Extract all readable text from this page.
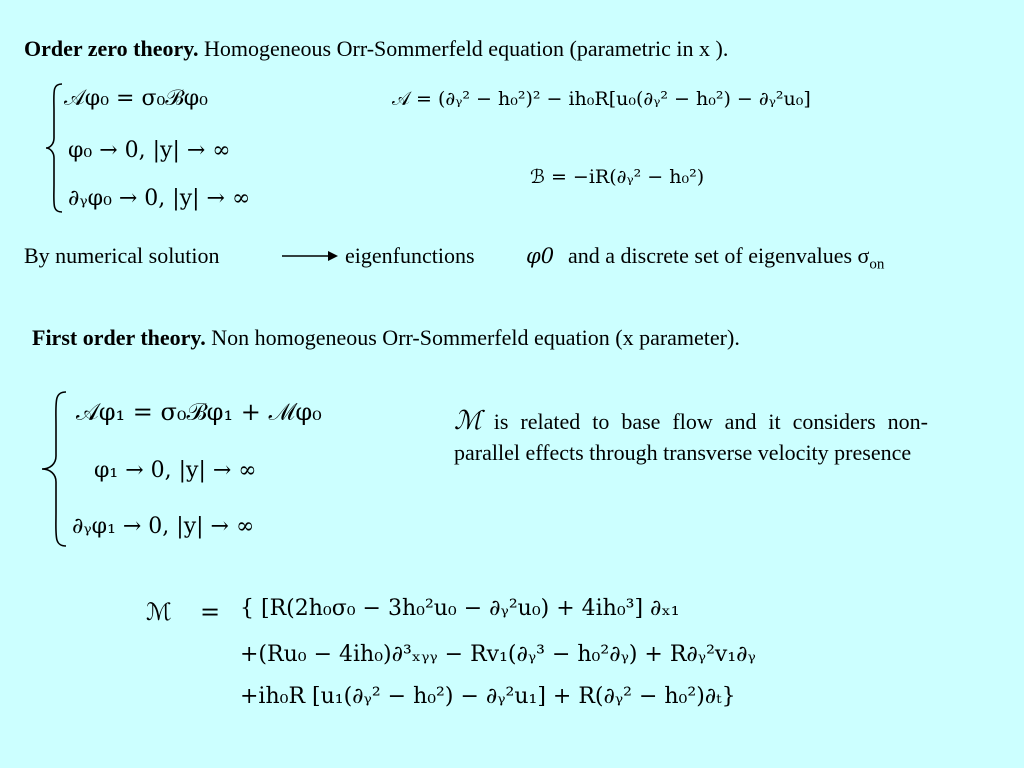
Order zero theory. Homogeneous Orr-Sommerfeld equation (parametric in x ).
𝒜φ₀ = σ₀ℬφ₀
φ₀ → 0, |y| → ∞
∂ᵧφ₀ → 0, |y| → ∞
𝒜 = (∂ᵧ² − h₀²)² − ih₀R[u₀(∂ᵧ² − h₀²) − ∂ᵧ²u₀]
ℬ = −iR(∂ᵧ² − h₀²)
By numerical solution	eigenfunctions φ0 and a discrete set of eigenvalues $\sigma_{on}$
First order theory. Non homogeneous Orr-Sommerfeld equation (x parameter).
𝒜φ₁ = σ₀ℬφ₁ + ℳφ₀
φ₁ → 0, |y| → ∞
∂ᵧφ₁ → 0, |y| → ∞
ℳ is related to base flow and it considers non-parallel effects through transverse velocity presence
ℳ = { [R(2h₀σ₀ − 3h₀²u₀ − ∂ᵧ²u₀) + 4ih₀³] ∂ₓ₁
+(Ru₀ − 4ih₀)∂³ₓᵧᵧ − Rv₁(∂ᵧ³ − h₀²∂ᵧ) + R∂ᵧ²v₁∂ᵧ
+ih₀R [u₁(∂ᵧ² − h₀²) − ∂ᵧ²u₁] + R(∂ᵧ² − h₀²)∂ₜ}
